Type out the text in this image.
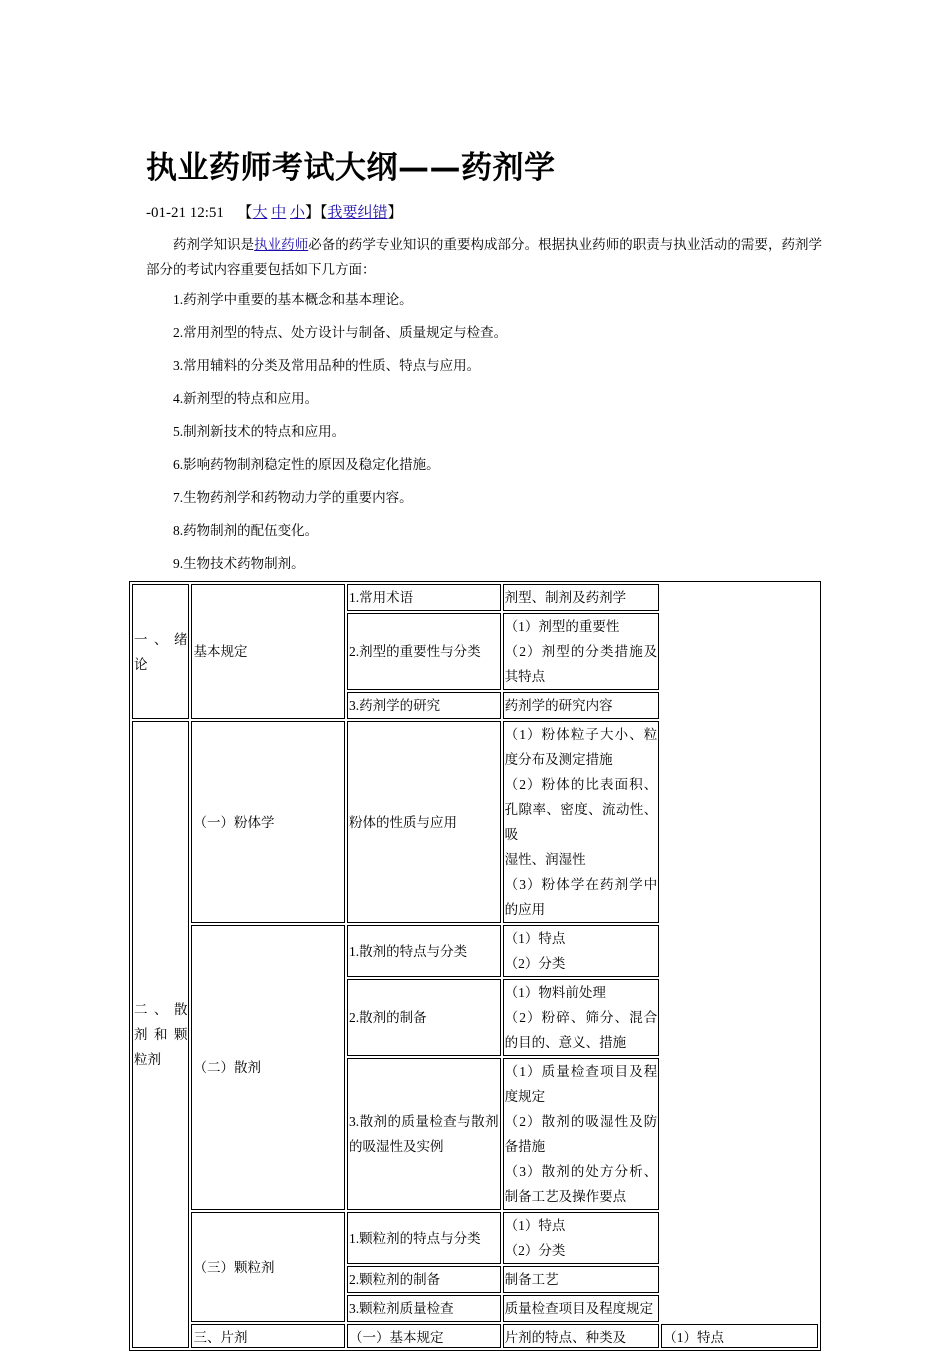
执业药师考试大纲——药剂学
-01-21 12:51 【大 中 小】【我要纠错】

药剂学知识是执业药师必备的药学专业知识的重要构成部分。根据执业药师的职责与执业活动的需要，药剂学部分的考试内容重要包括如下几方面：

1.药剂学中重要的基本概念和基本理论。
2.常用剂型的特点、处方设计与制备、质量规定与检查。
3.常用辅料的分类及常用品种的性质、特点与应用。
4.新剂型的特点和应用。
5.制剂新技术的特点和应用。
6.影响药物制剂稳定性的原因及稳定化措施。
7.生物药剂学和药物动力学的重要内容。
8.药物制剂的配伍变化。
9.生物技术药物制剂。
一、绪论	基本规定	1.常用术语	剂型、制剂及药剂学	
		2.剂型的重要性与分类	（1）剂型的重要性
（2）剂型的分类措施及其特点	

		3.药剂学的研究	药剂学的研究内容	
二、散剂和颗粒剂	（一）粉体学	粉体的性质与应用	（1）粉体粒子大小、粒度分布及测定措施
（2）粉体的比表面积、孔隙率、密度、流动性、吸
湿性、润湿性
（3）粉体学在药剂学中的应用	

	（二）散剂	1.散剂的特点与分类	（1）特点
（2）分类	

		2.散剂的制备	（1）物料前处理
（2）粉碎、筛分、混合的目的、意义、措施	

		3.散剂的质量检查与散剂的吸湿性及实例	（1）质量检查项目及程度规定
（2）散剂的吸湿性及防备措施
（3）散剂的处方分析、制备工艺及操作要点	

	（三）颗粒剂	1.颗粒剂的特点与分类	（1）特点
（2）分类	

		2.颗粒剂的制备	制备工艺	
		3.颗粒剂质量检查	质量检查项目及程度规定	

	三、片剂	（一）基本规定	片剂的特点、种类及	（1）特点
